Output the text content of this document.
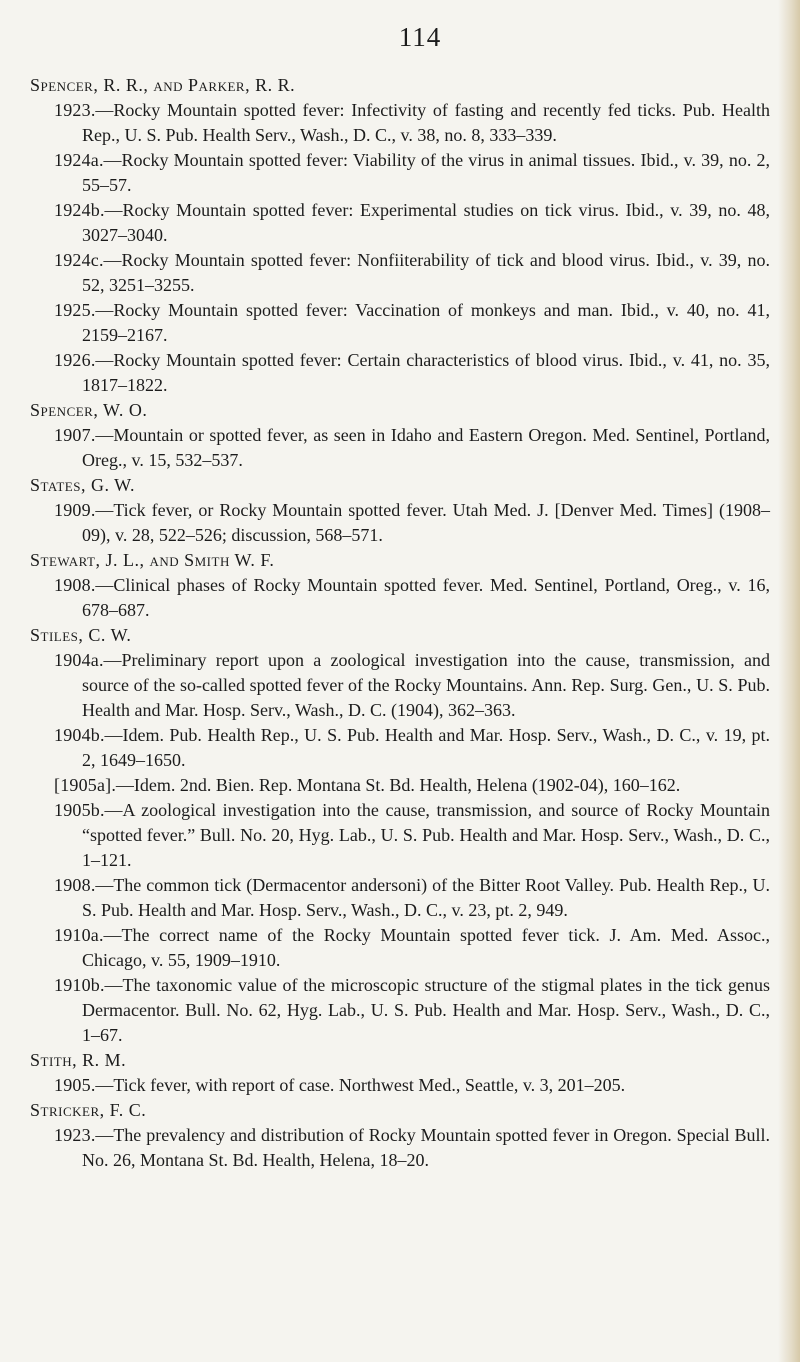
114

Spencer, R. R., and Parker, R. R.

1923.—Rocky Mountain spotted fever: Infectivity of fasting and recently fed ticks. Pub. Health Rep., U. S. Pub. Health Serv., Wash., D. C., v. 38, no. 8, 333–339.

1924a.—Rocky Mountain spotted fever: Viability of the virus in animal tissues. Ibid., v. 39, no. 2, 55–57.

1924b.—Rocky Mountain spotted fever: Experimental studies on tick virus. Ibid., v. 39, no. 48, 3027–3040.

1924c.—Rocky Mountain spotted fever: Nonfiiterability of tick and blood virus. Ibid., v. 39, no. 52, 3251–3255.

1925.—Rocky Mountain spotted fever: Vaccination of monkeys and man. Ibid., v. 40, no. 41, 2159–2167.

1926.—Rocky Mountain spotted fever: Certain characteristics of blood virus. Ibid., v. 41, no. 35, 1817–1822.

Spencer, W. O.

1907.—Mountain or spotted fever, as seen in Idaho and Eastern Oregon. Med. Sentinel, Portland, Oreg., v. 15, 532–537.

States, G. W.

1909.—Tick fever, or Rocky Mountain spotted fever. Utah Med. J. [Denver Med. Times] (1908–09), v. 28, 522–526; discussion, 568–571.

Stewart, J. L., and Smith W. F.

1908.—Clinical phases of Rocky Mountain spotted fever. Med. Sentinel, Portland, Oreg., v. 16, 678–687.

Stiles, C. W.

1904a.—Preliminary report upon a zoological investigation into the cause, transmission, and source of the so-called spotted fever of the Rocky Mountains. Ann. Rep. Surg. Gen., U. S. Pub. Health and Mar. Hosp. Serv., Wash., D. C. (1904), 362–363.

1904b.—Idem. Pub. Health Rep., U. S. Pub. Health and Mar. Hosp. Serv., Wash., D. C., v. 19, pt. 2, 1649–1650.

[1905a].—Idem. 2nd. Bien. Rep. Montana St. Bd. Health, Helena (1902-04), 160–162.

1905b.—A zoological investigation into the cause, transmission, and source of Rocky Mountain “spotted fever.” Bull. No. 20, Hyg. Lab., U. S. Pub. Health and Mar. Hosp. Serv., Wash., D. C., 1–121.

1908.—The common tick (Dermacentor andersoni) of the Bitter Root Valley. Pub. Health Rep., U. S. Pub. Health and Mar. Hosp. Serv., Wash., D. C., v. 23, pt. 2, 949.

1910a.—The correct name of the Rocky Mountain spotted fever tick. J. Am. Med. Assoc., Chicago, v. 55, 1909–1910.

1910b.—The taxonomic value of the microscopic structure of the stigmal plates in the tick genus Dermacentor. Bull. No. 62, Hyg. Lab., U. S. Pub. Health and Mar. Hosp. Serv., Wash., D. C., 1–67.

Stith, R. M.

1905.—Tick fever, with report of case. Northwest Med., Seattle, v. 3, 201–205.

Stricker, F. C.

1923.—The prevalency and distribution of Rocky Mountain spotted fever in Oregon. Special Bull. No. 26, Montana St. Bd. Health, Helena, 18–20.
